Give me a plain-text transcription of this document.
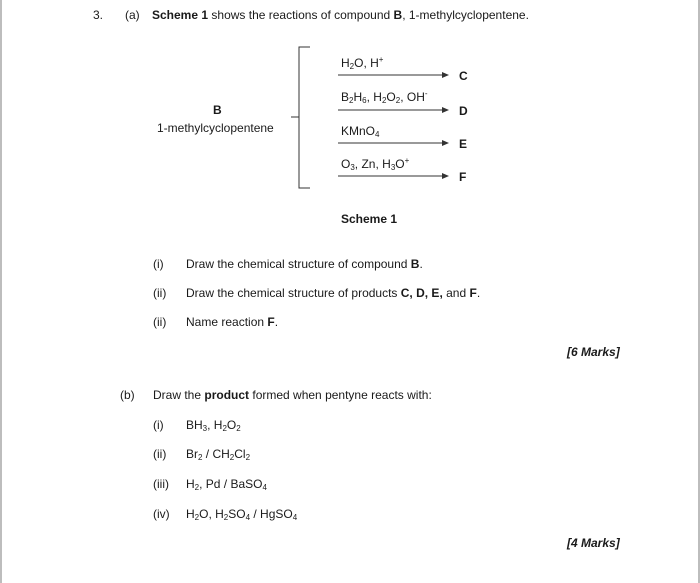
3. (a) Scheme 1 shows the reactions of compound B, 1-methylcyclopentene.
B
1-methylcyclopentene
$H_2O$, H+
$B_2H_6$, $H_2O_2$, OH-
KMnO$_4$
$O_3$, Zn, $H_3O^+$
C
D
E
F
Scheme 1
(i) Draw the chemical structure of compound B.
(ii) Draw the chemical structure of products C, D, E, and F.
(ii) Name reaction F.
[6 Marks]
(b) Draw the product formed when pentyne reacts with:
(i) $BH_3$, $H_2O_2$
(ii) $Br_2 / CH_2Cl_2$
(iii) $H_2$, Pd / BaSO$_4$
(iv) $H_2O$, $H_2SO_4$ / HgSO$_4$
[4 Marks]
